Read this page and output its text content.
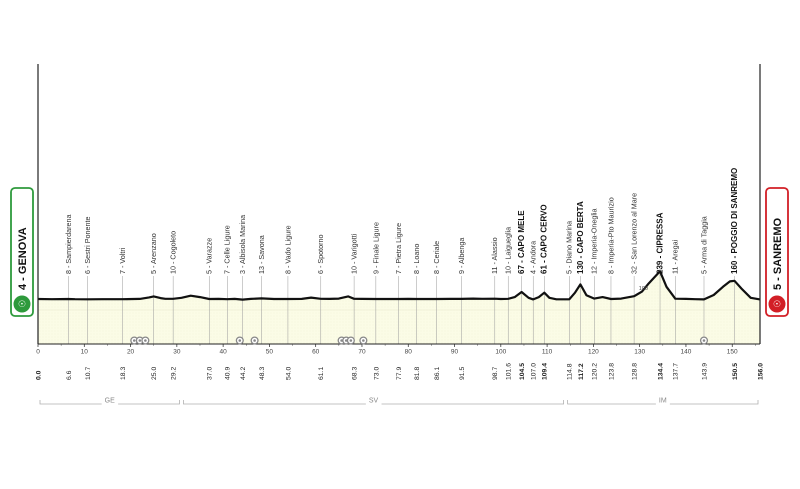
100
0	10	20	30	40	50	60	70	80	90	100	110	120	130	140	150
8 - Sampierdarena 6 - Sestri Ponente	7 - Voltri	5 - Arenzano 10 - Cogoleto	5 - Varazze 7 - Celle Ligure 3 - Albisola Marina 13 - Savona 8 - Vado Ligure	6 - Spotorno	10 - Varigotti 9 - Finale Ligure 7 - Pietra Ligure 8 - Loano 8 - Ceriale 9 - Albenga	11 - Alassio 10 - Laigueglia 67 - CAPO MELE 4 - Andora 61 - CAPO CERVO 5 - Diano Marina 130 - CAPO BERTA 12 - Imperia-Oneglia 8 - Imperia-Pto Maurizio 32 - San Lorenzo al Mare 239 - CIPRESSA 11 - Aregai	5 - Arma di Taggia	160 - POGGIO DI SANREMO
6.6 10.7	18.3	25.0 29.2	37.0 40.9 44.2 48.3	54.0	61.1	68.3 73.0 77.9 81.8 86.1	91.5	98.7 101.6 104.5 107.0 109.4	114.8 117.2 120.2 123.8 128.8	134.4 137.7	143.9	150.5
0.0	156.0
GE	SV	IM
☉
4 - GENOVA
☉
5 - SANREMO
